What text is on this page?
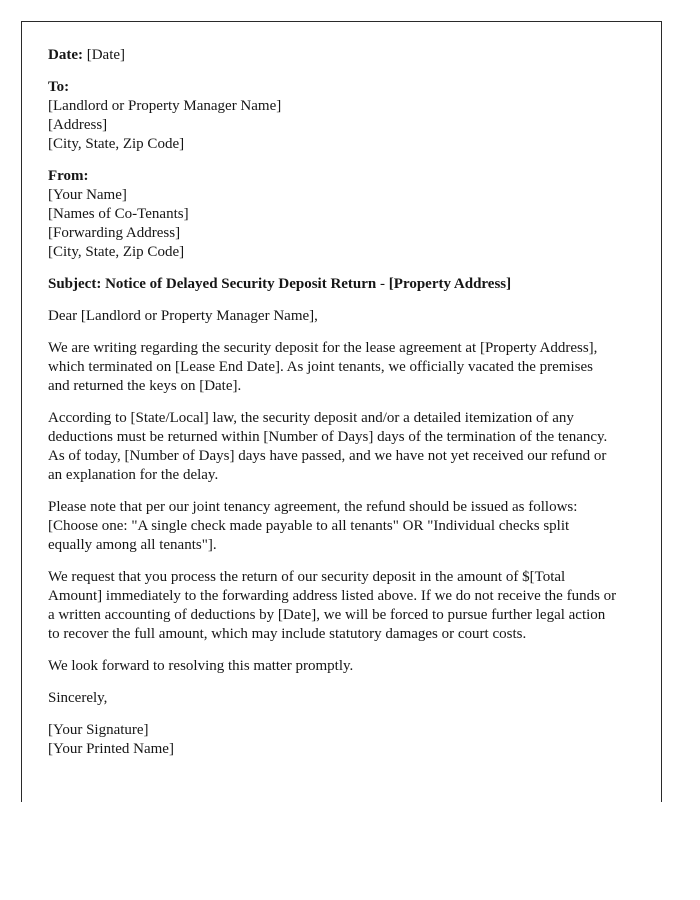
Date: [Date]

To:
[Landlord or Property Manager Name]
[Address]
[City, State, Zip Code]
From:
[Your Name]
[Names of Co-Tenants]
[Forwarding Address]
[City, State, Zip Code]

Subject: Notice of Delayed Security Deposit Return - [Property Address]

Dear [Landlord or Property Manager Name],

We are writing regarding the security deposit for the lease agreement at [Property Address], which terminated on [Lease End Date]. As joint tenants, we officially vacated the premises and returned the keys on [Date].

According to [State/Local] law, the security deposit and/or a detailed itemization of any deductions must be returned within [Number of Days] days of the termination of the tenancy. As of today, [Number of Days] days have passed, and we have not yet received our refund or an explanation for the delay.

Please note that per our joint tenancy agreement, the refund should be issued as follows: [Choose one: "A single check made payable to all tenants" OR "Individual checks split equally among all tenants"].

We request that you process the return of our security deposit in the amount of $[Total Amount] immediately to the forwarding address listed above. If we do not receive the funds or a written accounting of deductions by [Date], we will be forced to pursue further legal action to recover the full amount, which may include statutory damages or court costs.

We look forward to resolving this matter promptly.

Sincerely,

[Your Signature]
[Your Printed Name]
